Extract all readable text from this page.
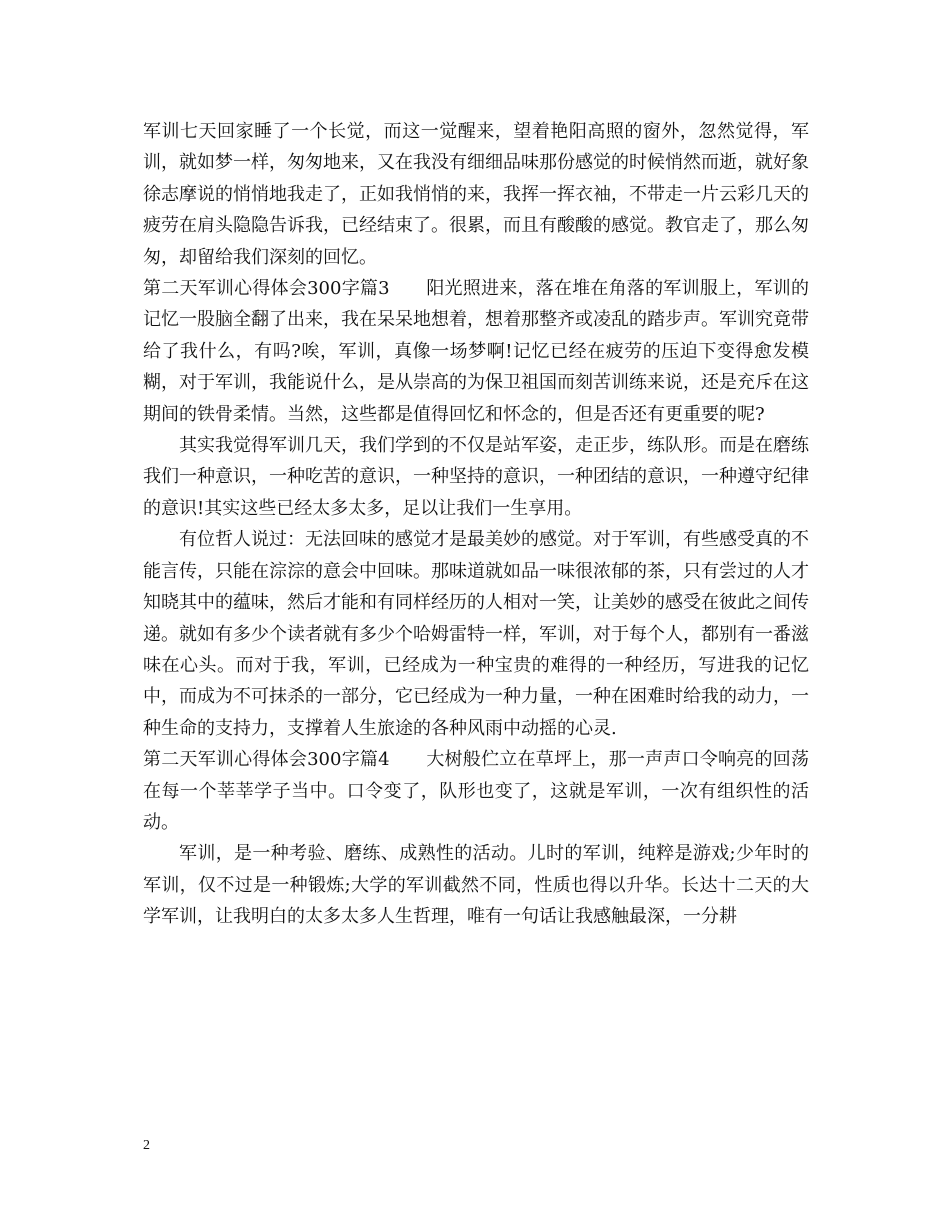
军训七天回家睡了一个长觉，而这一觉醒来，望着艳阳高照的窗外，忽然觉得，军训，就如梦一样，匆匆地来，又在我没有细细品味那份感觉的时候悄然而逝，就好象徐志摩说的悄悄地我走了，正如我悄悄的来，我挥一挥衣袖，不带走一片云彩几天的疲劳在肩头隐隐告诉我，已经结束了。很累，而且有酸酸的感觉。教官走了，那么匆匆，却留给我们深刻的回忆。

第二天军训心得体会300字篇3　　阳光照进来，落在堆在角落的军训服上，军训的记忆一股脑全翻了出来，我在呆呆地想着，想着那整齐或凌乱的踏步声。军训究竟带给了我什么，有吗?唉，军训，真像一场梦啊!记忆已经在疲劳的压迫下变得愈发模糊，对于军训，我能说什么，是从崇高的为保卫祖国而刻苦训练来说，还是充斥在这期间的铁骨柔情。当然，这些都是值得回忆和怀念的，但是否还有更重要的呢?

其实我觉得军训几天，我们学到的不仅是站军姿，走正步，练队形。而是在磨练我们一种意识，一种吃苦的意识，一种坚持的意识，一种团结的意识，一种遵守纪律的意识!其实这些已经太多太多，足以让我们一生享用。

有位哲人说过：无法回味的感觉才是最美妙的感觉。对于军训，有些感受真的不能言传，只能在淙淙的意会中回味。那味道就如品一味很浓郁的茶，只有尝过的人才知晓其中的蕴味，然后才能和有同样经历的人相对一笑，让美妙的感受在彼此之间传递。就如有多少个读者就有多少个哈姆雷特一样，军训，对于每个人，都别有一番滋味在心头。而对于我，军训，已经成为一种宝贵的难得的一种经历，写进我的记忆中，而成为不可抹杀的一部分，它已经成为一种力量，一种在困难时给我的动力，一种生命的支持力，支撑着人生旅途的各种风雨中动摇的心灵.

第二天军训心得体会300字篇4　　大树般伫立在草坪上，那一声声口令响亮的回荡在每一个莘莘学子当中。口令变了，队形也变了，这就是军训，一次有组织性的活动。

军训，是一种考验、磨练、成熟性的活动。儿时的军训，纯粹是游戏;少年时的军训，仅不过是一种锻炼;大学的军训截然不同，性质也得以升华。长达十二天的大学军训，让我明白的太多太多人生哲理，唯有一句话让我感触最深，一分耕

2
